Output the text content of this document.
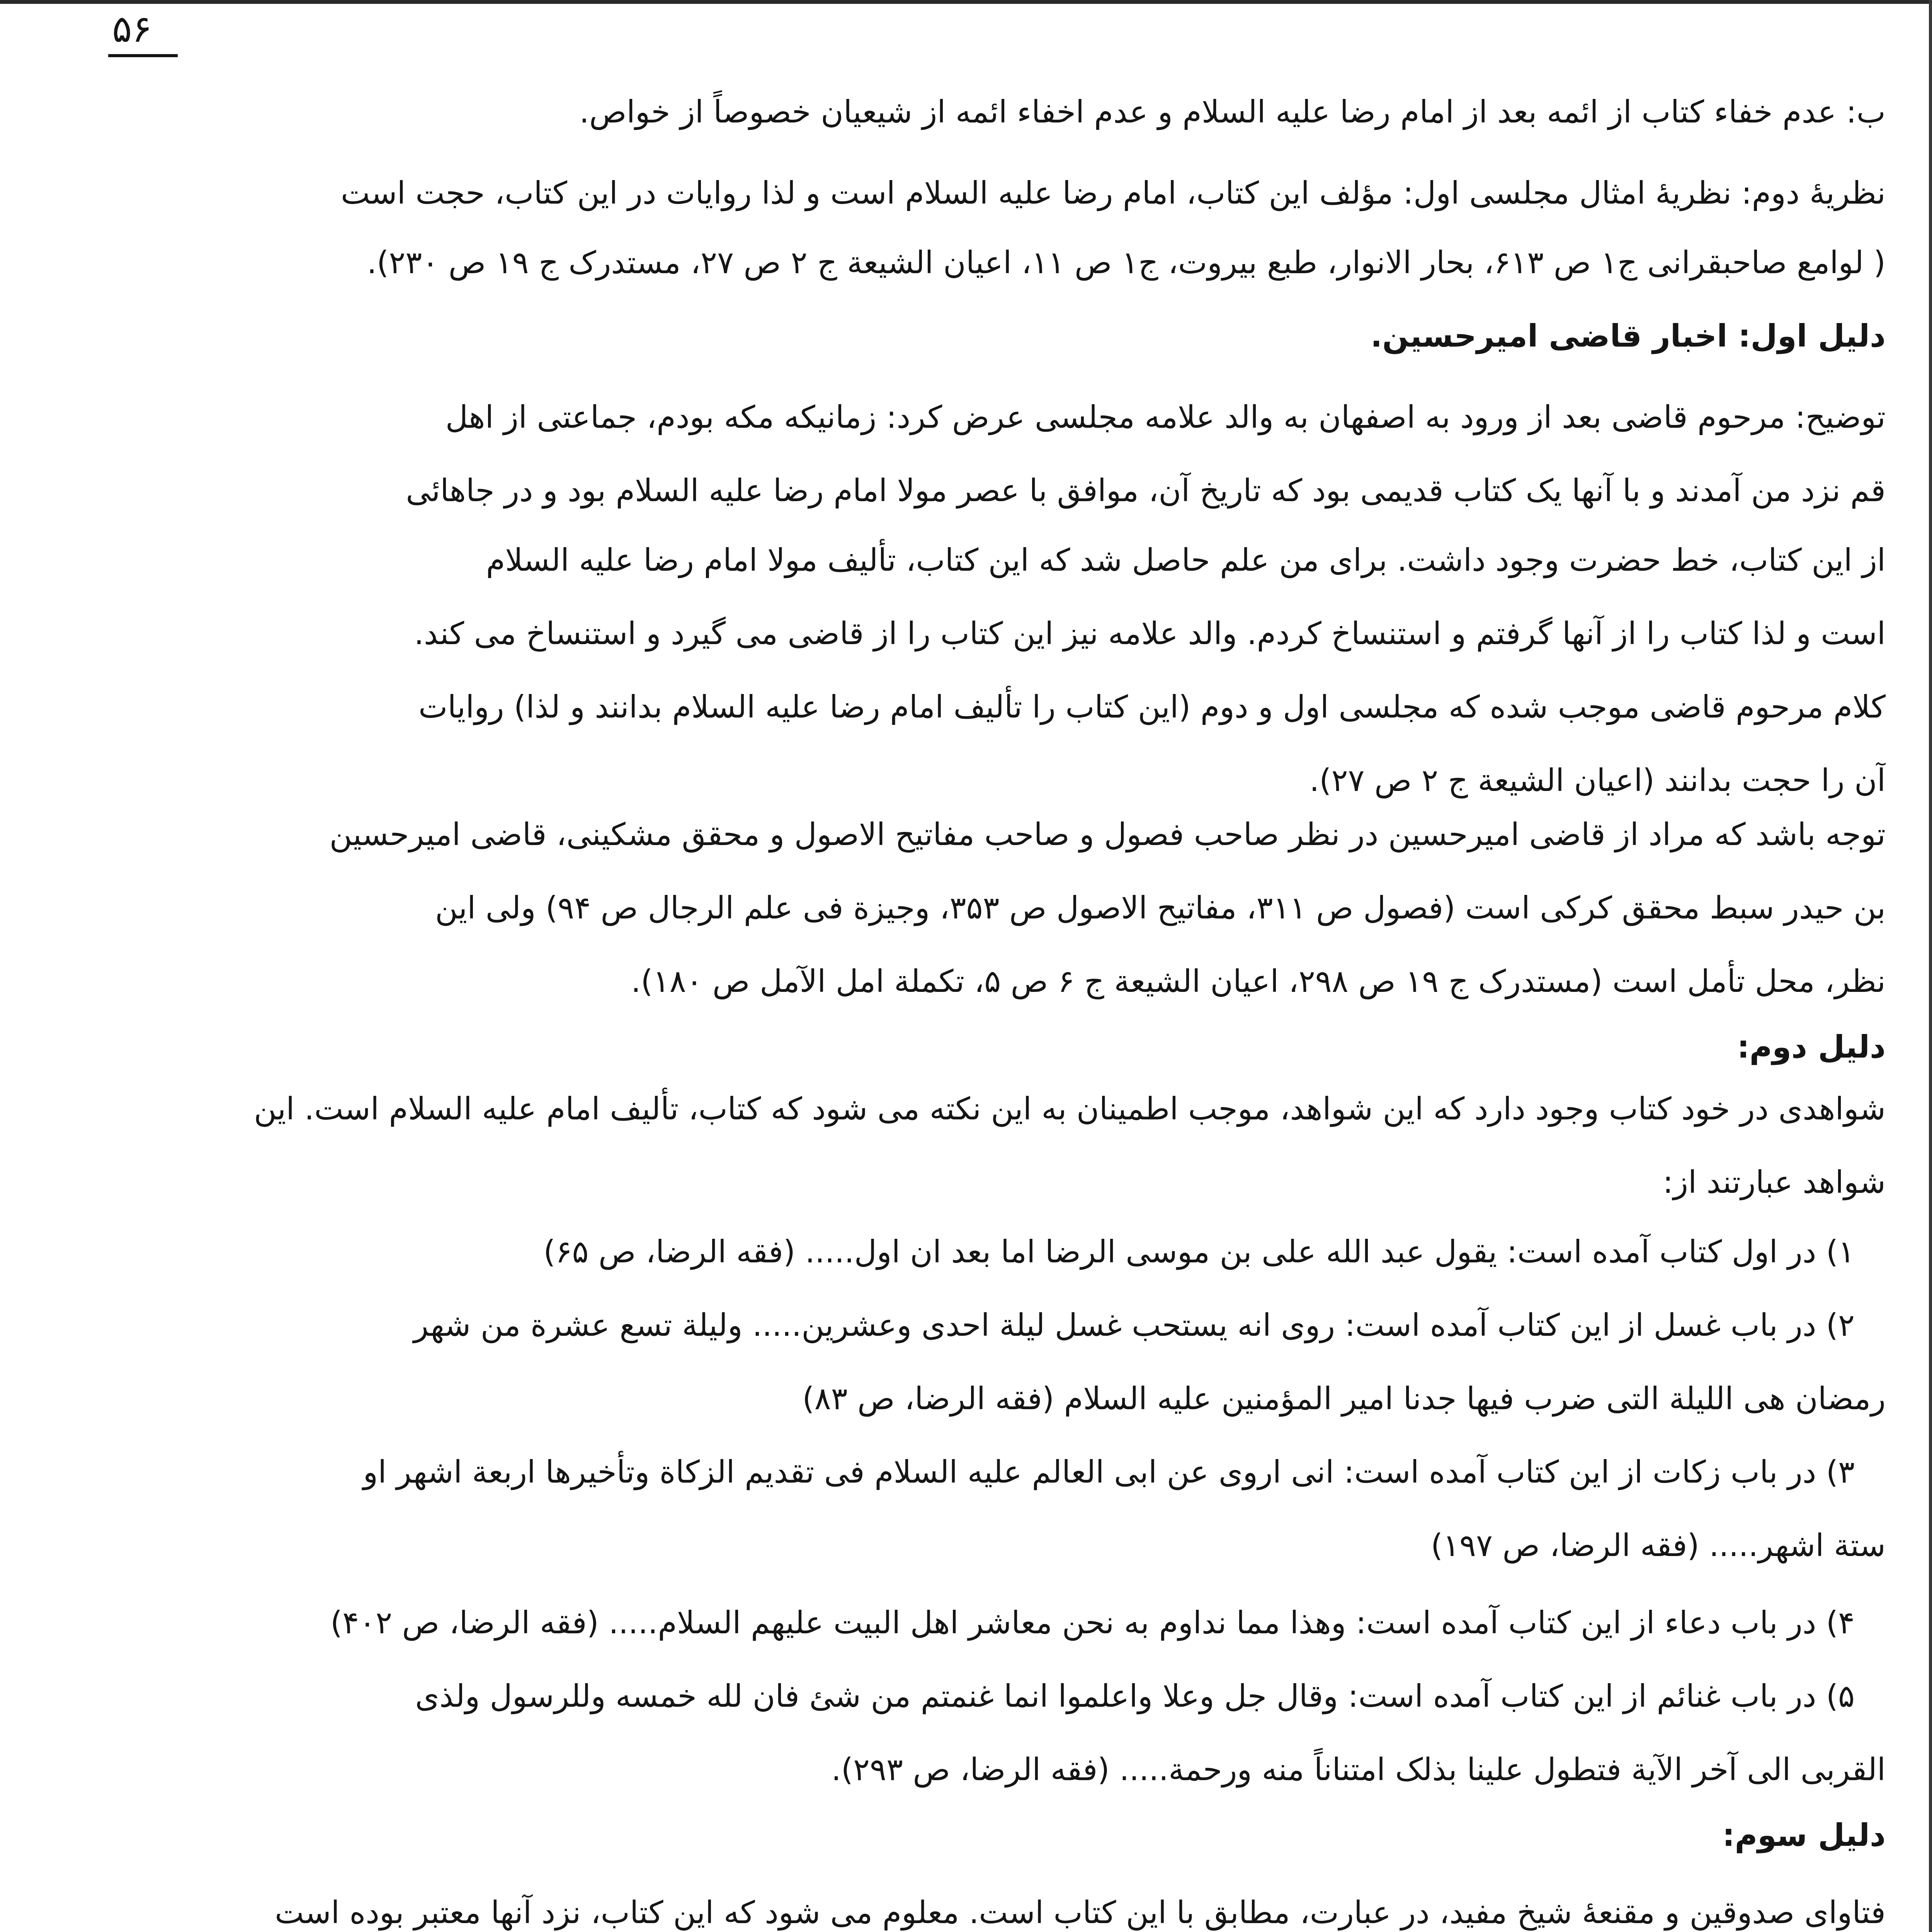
۵۶
ب: عدم خفاء کتاب از ائمه بعد از امام رضا علیه السلام و عدم اخفاء ائمه از شیعیان خصوصاً از خواص.
نظریهٔ دوم: نظریهٔ امثال مجلسی اول: مؤلف این کتاب، امام رضا علیه السلام است و لذا روایات در این کتاب، حجت است
( لوامع صاحبقرانی ج۱ ص ۶۱۳، بحار الانوار، طبع بیروت، ج۱ ص ۱۱، اعیان الشیعة ج ۲ ص ۲۷، مستدرک ج ۱۹ ص ۲۳۰).
دلیل اول: اخبار قاضی امیرحسین.
توضیح: مرحوم قاضی بعد از ورود به اصفهان به والد علامه مجلسی عرض کرد: زمانیکه مکه بودم، جماعتی از اهل
قم نزد من آمدند و با آنها یک کتاب قدیمی بود که تاریخ آن، موافق با عصر مولا امام رضا علیه السلام بود و در جاهائی
از این کتاب، خط حضرت وجود داشت. برای من علم حاصل شد که این کتاب، تألیف مولا امام رضا علیه السلام
است و لذا کتاب را از آنها گرفتم و استنساخ کردم. والد علامه نیز این کتاب را از قاضی می گیرد و استنساخ می کند.
کلام مرحوم قاضی موجب شده که مجلسی اول و دوم (این کتاب را تألیف امام رضا علیه السلام بدانند و لذا) روایات
آن را حجت بدانند (اعیان الشیعة ج ۲ ص ۲۷).
توجه باشد که مراد از قاضی امیرحسین در نظر صاحب فصول و صاحب مفاتیح الاصول و محقق مشکینی، قاضی امیرحسین
بن حیدر سبط محقق کرکی است (فصول ص ۳۱۱، مفاتیح الاصول ص ۳۵۳، وجیزة فی علم الرجال ص ۹۴) ولی این
نظر، محل تأمل است (مستدرک ج ۱۹ ص ۲۹۸، اعیان الشیعة ج ۶ ص ۵، تکملة امل الآمل ص ۱۸۰).
دلیل دوم:
شواهدی در خود کتاب وجود دارد که این شواهد، موجب اطمینان به این نکته می شود که کتاب، تألیف امام علیه السلام است. این
شواهد عبارتند از:
۱) در اول کتاب آمده است: یقول عبد الله علی بن موسی الرضا اما بعد ان اول..... (فقه الرضا، ص ۶۵)
۲) در باب غسل از این کتاب آمده است: روی انه یستحب غسل لیلة احدی وعشرین..... ولیلة تسع عشرة من شهر
رمضان هی اللیلة التی ضرب فیها جدنا امیر المؤمنین علیه السلام (فقه الرضا، ص ۸۳)
۳) در باب زکات از این کتاب آمده است: انی اروی عن ابی العالم علیه السلام فی تقدیم الزکاة وتأخیرها اربعة اشهر او
ستة اشهر..... (فقه الرضا، ص ۱۹۷)
۴) در باب دعاء از این کتاب آمده است: وهذا مما نداوم به نحن معاشر اهل البیت علیهم السلام..... (فقه الرضا، ص ۴۰۲)
۵) در باب غنائم از این کتاب آمده است: وقال جل وعلا واعلموا انما غنمتم من شئ فان لله خمسه وللرسول ولذی
القربی الی آخر الآیة فتطول علینا بذلک امتناناً منه ورحمة..... (فقه الرضا، ص ۲۹۳).
دلیل سوم:
فتاوای صدوقین و مقنعهٔ شیخ مفید، در عبارت، مطابق با این کتاب است. معلوم می شود که این کتاب، نزد آنها معتبر بوده است
